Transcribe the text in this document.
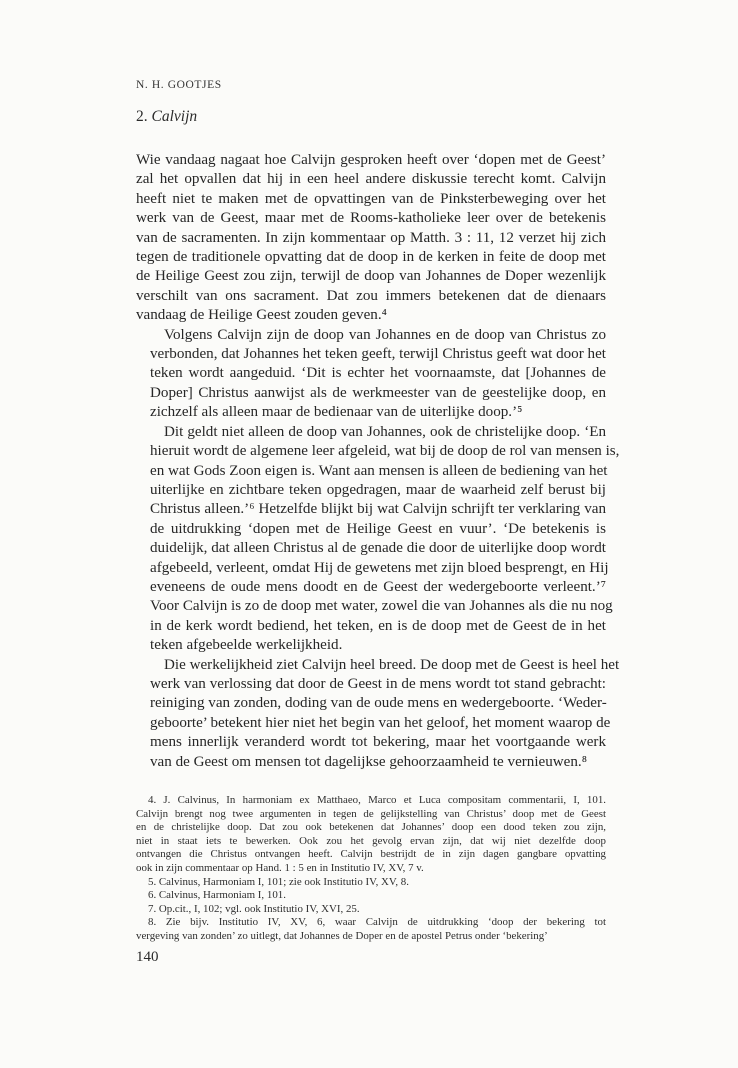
N. H. GOOTJES
2. Calvijn

Wie vandaag nagaat hoe Calvijn gesproken heeft over ‘dopen met de Geest’
zal het opvallen dat hij in een heel andere diskussie terecht komt. Calvijn
heeft niet te maken met de opvattingen van de Pinksterbeweging over het
werk van de Geest, maar met de Rooms-katholieke leer over de betekenis
van de sacramenten. In zijn kommentaar op Matth. 3 : 11, 12 verzet hij zich
tegen de traditionele opvatting dat de doop in de kerken in feite de doop met
de Heilige Geest zou zijn, terwijl de doop van Johannes de Doper wezenlijk
verschilt van ons sacrament. Dat zou immers betekenen dat de dienaars
vandaag de Heilige Geest zouden geven.⁴

Volgens Calvijn zijn de doop van Johannes en de doop van Christus zo
verbonden, dat Johannes het teken geeft, terwijl Christus geeft wat door het
teken wordt aangeduid. ‘Dit is echter het voornaamste, dat [Johannes de
Doper] Christus aanwijst als de werkmeester van de geestelijke doop, en
zichzelf als alleen maar de bedienaar van de uiterlijke doop.’⁵

Dit geldt niet alleen de doop van Johannes, ook de christelijke doop. ‘En
hieruit wordt de algemene leer afgeleid, wat bij de doop de rol van mensen is,
en wat Gods Zoon eigen is. Want aan mensen is alleen de bediening van het
uiterlijke en zichtbare teken opgedragen, maar de waarheid zelf berust bij
Christus alleen.’⁶ Hetzelfde blijkt bij wat Calvijn schrijft ter verklaring van
de uitdrukking ‘dopen met de Heilige Geest en vuur’. ‘De betekenis is
duidelijk, dat alleen Christus al de genade die door de uiterlijke doop wordt
afgebeeld, verleent, omdat Hij de gewetens met zijn bloed besprengt, en Hij
eveneens de oude mens doodt en de Geest der wedergeboorte verleent.’⁷
Voor Calvijn is zo de doop met water, zowel die van Johannes als die nu nog
in de kerk wordt bediend, het teken, en is de doop met de Geest de in het
teken afgebeelde werkelijkheid.

Die werkelijkheid ziet Calvijn heel breed. De doop met de Geest is heel het
werk van verlossing dat door de Geest in de mens wordt tot stand gebracht:
reiniging van zonden, doding van de oude mens en wedergeboorte. ‘Weder-
geboorte’ betekent hier niet het begin van het geloof, het moment waarop de
mens innerlijk veranderd wordt tot bekering, maar het voortgaande werk
van de Geest om mensen tot dagelijkse gehoorzaamheid te vernieuwen.⁸

4. J. Calvinus, In harmoniam ex Matthaeo, Marco et Luca compositam commentarii, I, 101.
Calvijn brengt nog twee argumenten in tegen de gelijkstelling van Christus’ doop met de Geest
en de christelijke doop. Dat zou ook betekenen dat Johannes’ doop een dood teken zou zijn,
niet in staat iets te bewerken. Ook zou het gevolg ervan zijn, dat wij niet dezelfde doop
ontvangen die Christus ontvangen heeft. Calvijn bestrijdt de in zijn dagen gangbare opvatting
ook in zijn commentaar op Hand. 1 : 5 en in Institutio IV, XV, 7 v.
5. Calvinus, Harmoniam I, 101; zie ook Institutio IV, XV, 8.
6. Calvinus, Harmoniam I, 101.
7. Op.cit., I, 102; vgl. ook Institutio IV, XVI, 25.
8. Zie bijv. Institutio IV, XV, 6, waar Calvijn de uitdrukking ‘doop der bekering tot
vergeving van zonden’ zo uitlegt, dat Johannes de Doper en de apostel Petrus onder ‘bekering’
140
